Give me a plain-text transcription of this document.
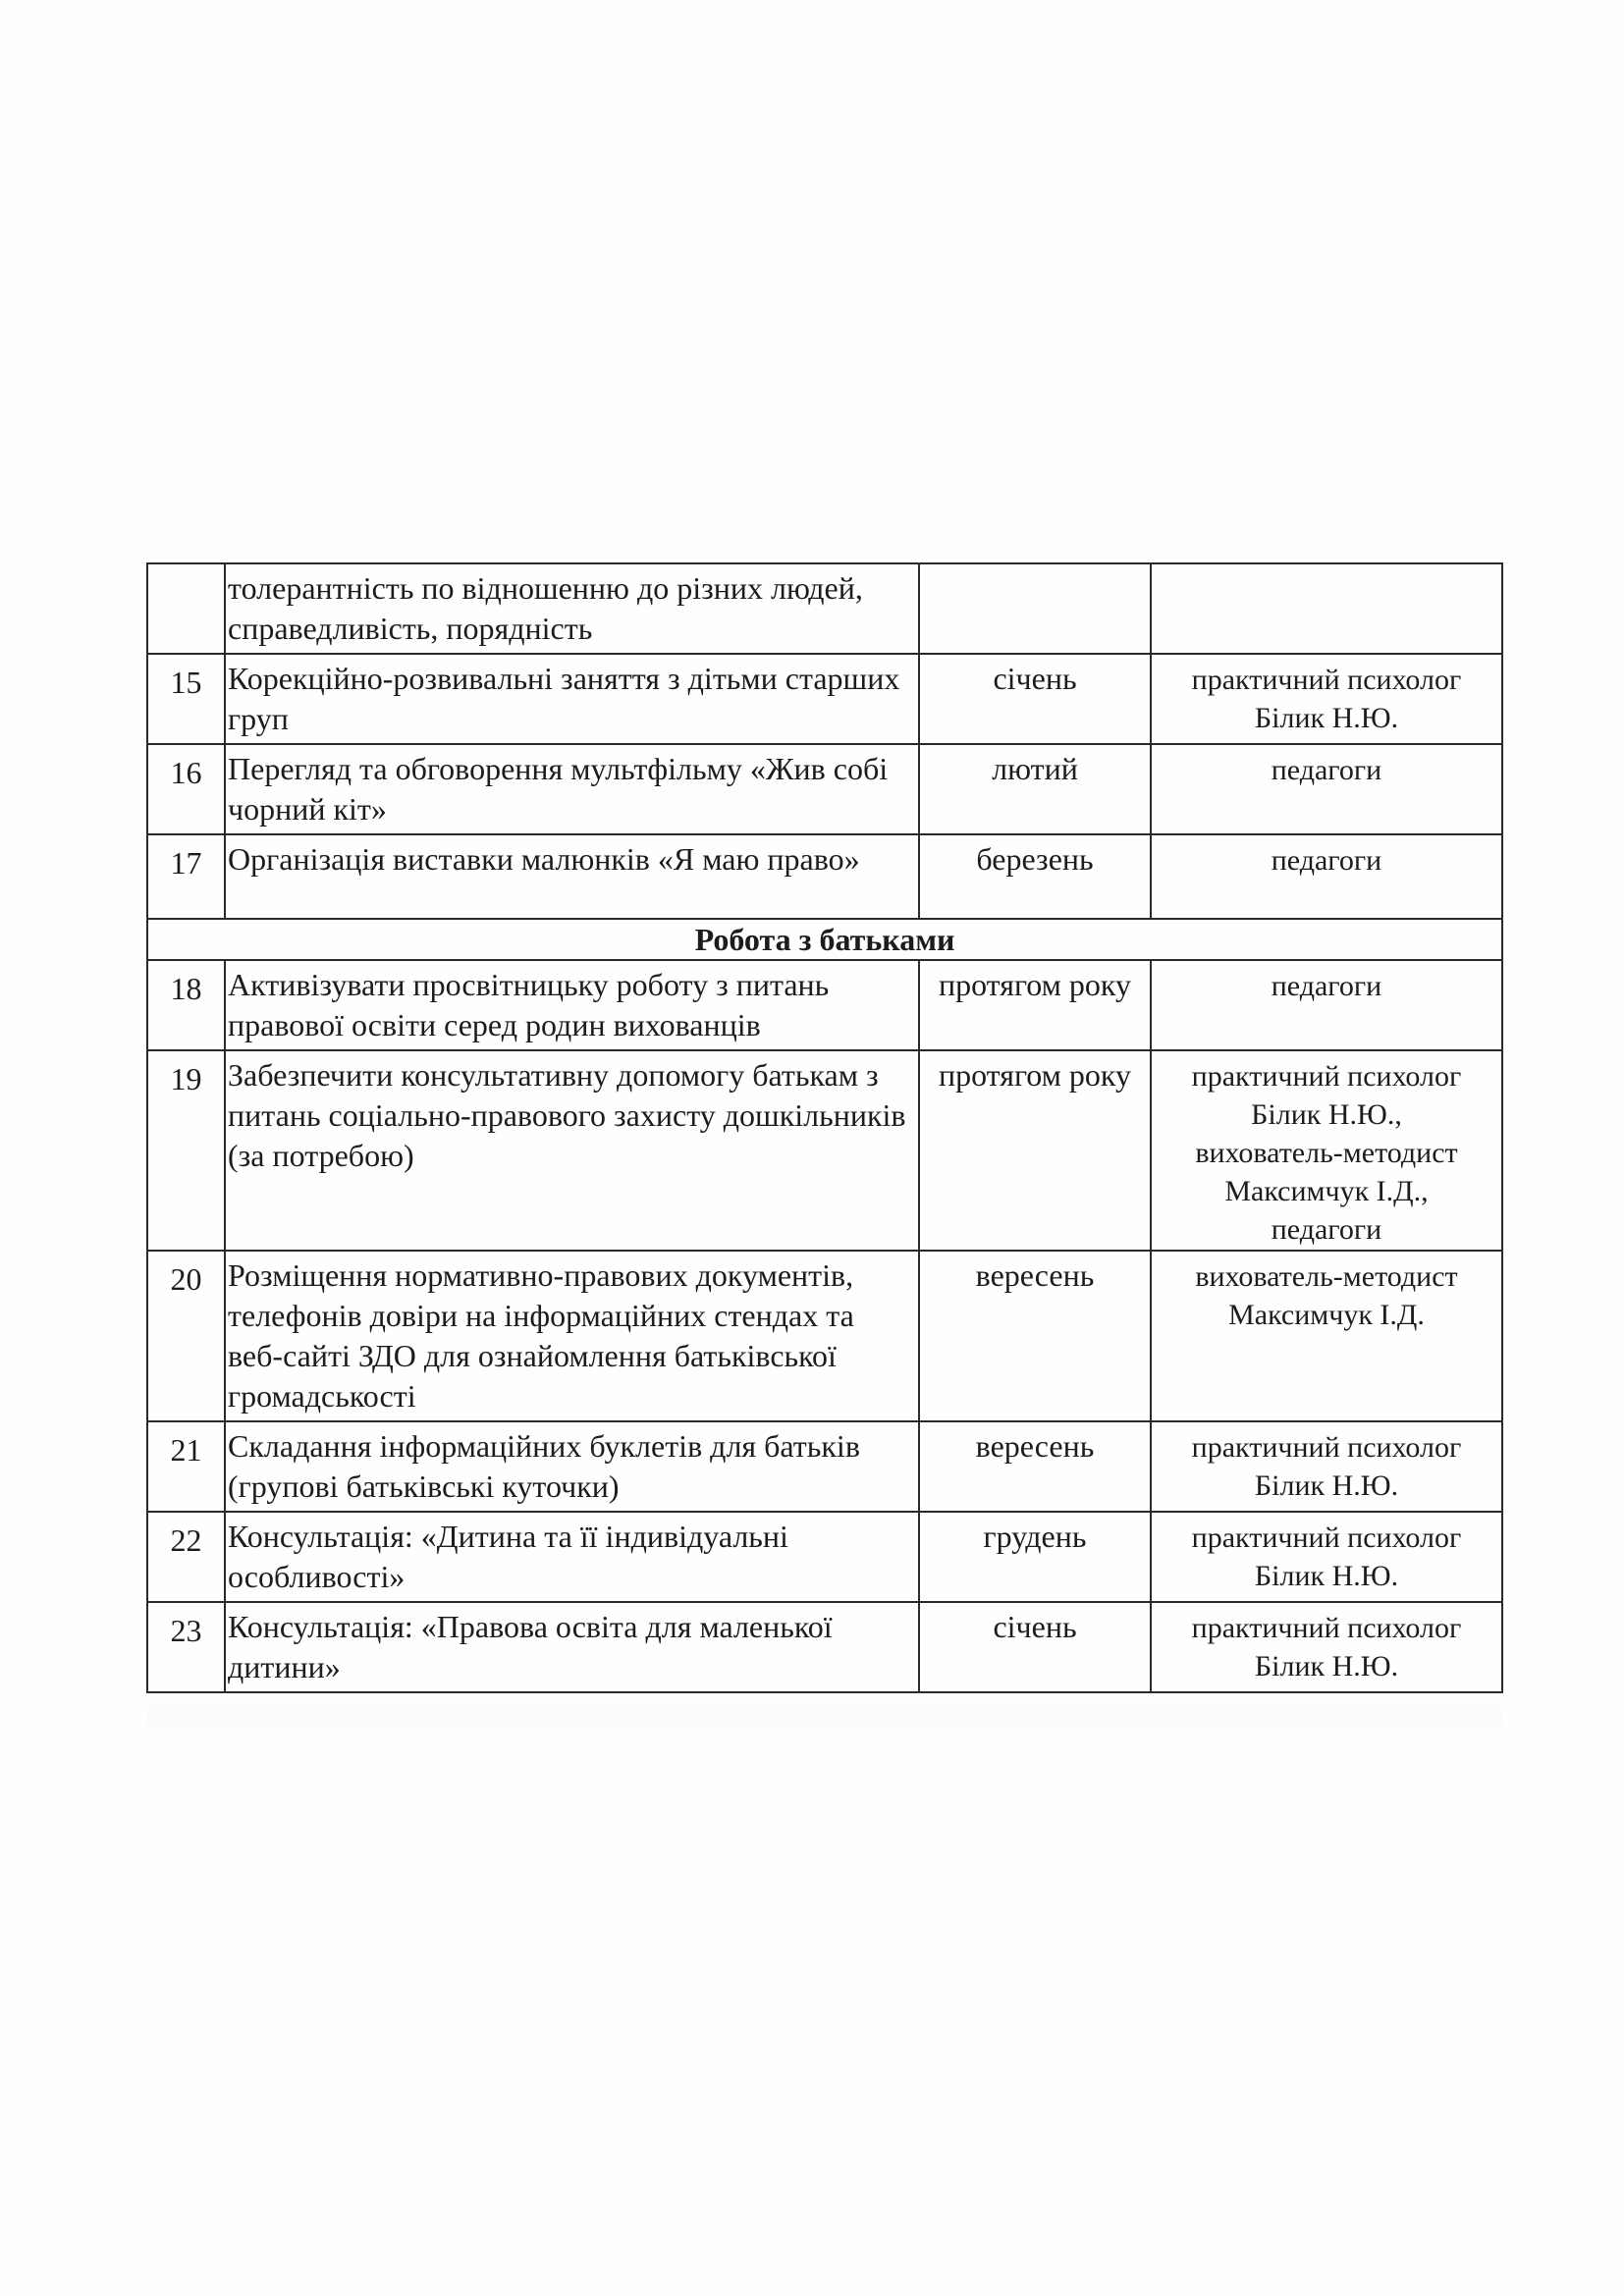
	толерантність по відношенню до різних людей, справедливість, порядність		
15	Корекційно-розвивальні заняття з дітьми старших груп	січень	практичний психолог
Білик Н.Ю.

16	Перегляд та обговорення мультфільму «Жив собі чорний кіт»	лютий	педагоги

17	Організація виставки малюнків «Я маю право»	березень	педагоги

Робота з батьками			
18	Активізувати просвітницьку роботу з питань правової освіти серед родин вихованців	протягом року	педагоги

19	Забезпечити консультативну допомогу батькам з питань соціально-правового захисту дошкільників (за потребою)	протягом року	практичний психолог
Білик Н.Ю.,
вихователь-методист
Максимчук І.Д.,
педагоги

20	Розміщення нормативно-правових документів, телефонів довіри на інформаційних стендах та веб-сайті ЗДО для ознайомлення батьківської громадськості	вересень	вихователь-методист
Максимчук І.Д.

21	Складання інформаційних буклетів для батьків (групові батьківські куточки)	вересень	практичний психолог
Білик Н.Ю.

22	Консультація: «Дитина та її індивідуальні особливості»	грудень	практичний психолог
Білик Н.Ю.

23	Консультація: «Правова освіта для маленької дитини»	січень	практичний психолог
Білик Н.Ю.
